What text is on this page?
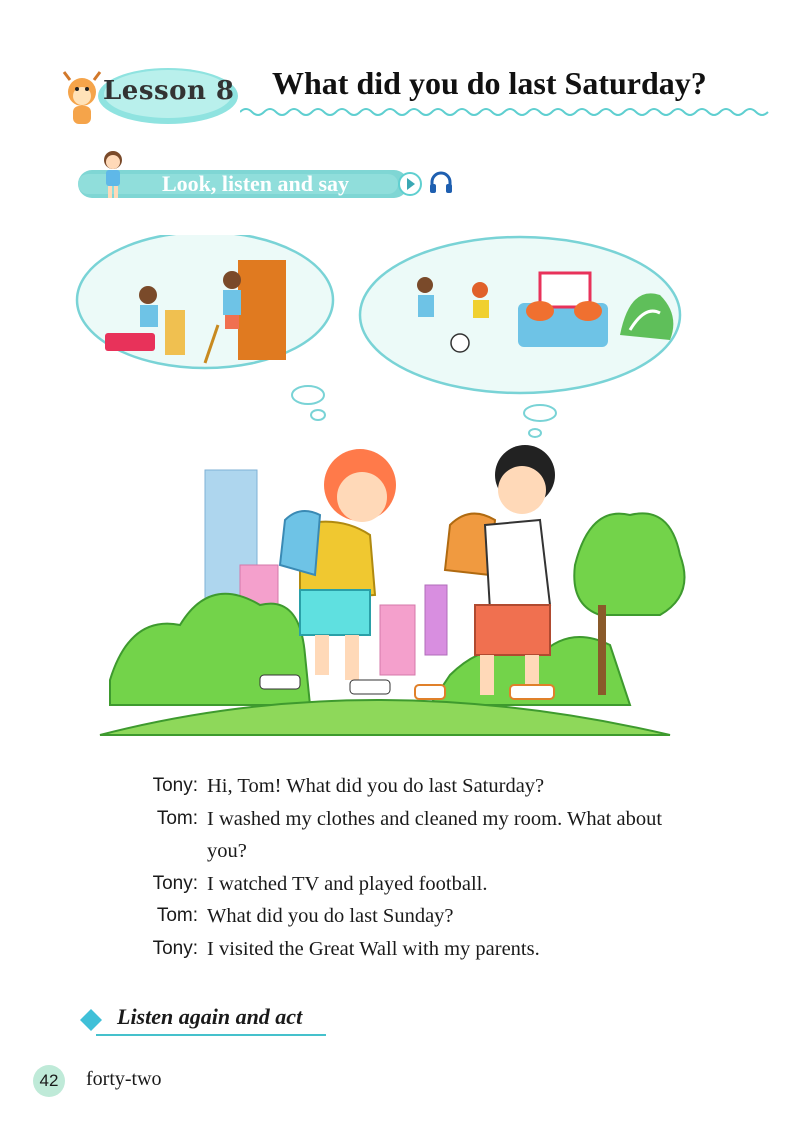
Lesson 8 What did you do last Saturday?
Look, listen and say
Tony: Hi, Tom! What did you do last Saturday?
Tom: I washed my clothes and cleaned my room. What about you?
Tony: I watched TV and played football.
Tom: What did you do last Sunday?
Tony: I visited the Great Wall with my parents.
Listen again and act
42	forty-two
